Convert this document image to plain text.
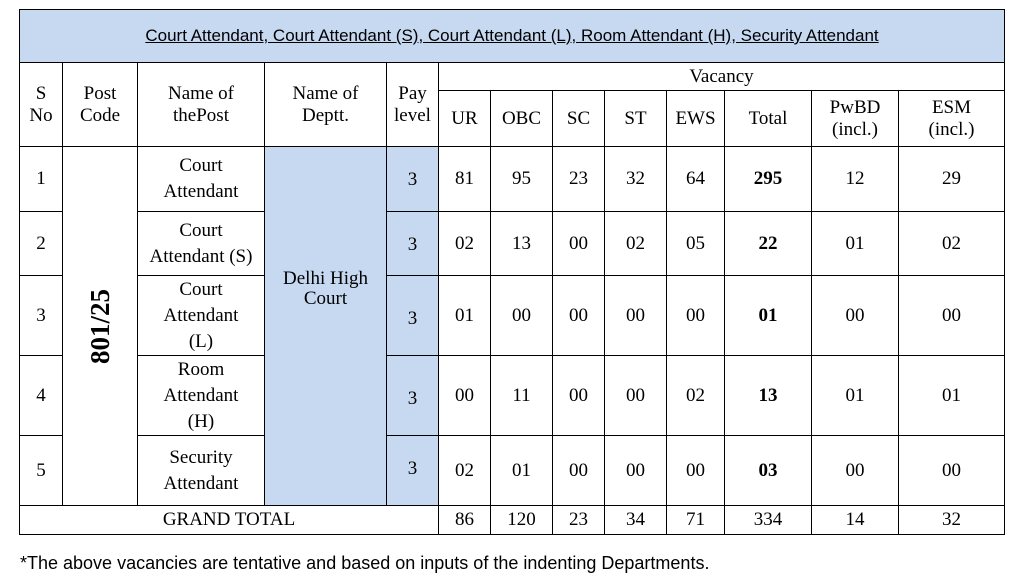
Court Attendant, Court Attendant (S), Court Attendant (L), Room Attendant (H), Security Attendant												
S No	Post Code	Name of thePost	Name of Deptt.	Pay level	Vacancy							
					UR	OBC	SC	ST	EWS	Total	PwBD (incl.)	ESM (incl.)
1	801/25	Court Attendant	Delhi High Court	3	81	95	23	32	64	295	12	29
2		Court Attendant (S)		3	02	13	00	02	05	22	01	02
3		Court Attendant (L)		3	01	00	00	00	00	01	00	00
4		Room Attendant (H)		3	00	11	00	00	02	13	01	01
5		Security Attendant		3	02	01	00	00	00	03	00	00
GRAND TOTAL					86	120	23	34	71	334	14	32
*The above vacancies are tentative and based on inputs of the indenting Departments.
